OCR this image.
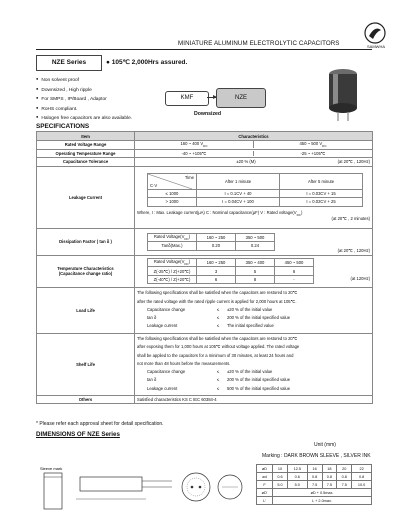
MINIATURE ALUMINUM ELECTROLYTIC CAPACITORS	SAMWHA
NZE Series	● 105℃ 2,000Hrs assured.
● Non solvent proof
● Downsized , High ripple
● For SMPS , IP/Board , Adaptor
● RoHS compliant.
● Halogen free capacitors are also available.
KMF	NZE
Downsized
SPECIFICATIONS
Item	Characteristics
Rated Voltage Range	160 ~ 400 $V_{DC}$	450 ~ 500 $V_{DC}$

Operating Temperature Range	-40 ~ +105℃	-25 ~ +105℃

Capacitance Tolerance	±20 % (M)	(at 20℃ , 120Hz)

Leakage Current	
Time
C·V
	After 1 minute	After 5 minute
≤ 1000	I = 0.1CV + 40	I = 0.03CV + 15
> 1000	I = 0.04CV + 100	I = 0.02CV + 25
Where, I : Max. Leakage current(μA) C : Nominal capacitance(μF) V : Rated $voltage(V_{DC})$
(at 20℃ , 2 minutes)

Dissipation Factor ( tan δ )	
Rated $Voltage(V_{DC})$	160 ~ 250	350 ~ 500
Tanδ(Max.)	0.20	0.24
(at 20℃ , 120Hz)

Temperature Characteristics
(Capacitance change ratio)

Rated $Voltage(V_{DC})$	160 ~ 250	350 ~ 400	450 ~ 500
Z(-25℃) / Z(+20℃)	3	5	6
Z(-40℃) / Z(+20℃)	6	8	-	(at 120Hz)

Load Life	
The following specifications shall be satisfied when the capacitors are restored to 20℃
after the rated voltage with the rated ripple current is applied for 2,000 hours at 105℃.
Capacitance change	≤	±20 % of the initial value
tan δ	≤	200 % of the initial specified value
Leakage current	≤	The initial specified value

Shelf Life	
The following specifications shall be satisfied when the capacitors are restored to 20℃
after exposing them for 1,000 hours at 105℃ without voltage applied. The rated voltage
shall be applied to the capacitors for a minimum of 30 minutes, at least 24 hours and
not more than 48 hours before the measurements.
Capacitance change	≤	±20 % of the initial value
tan δ	≤	200 % of the initial specified value
Leakage current	≤	500 % of the initial specified value

Others	Satisfied characteristics KS C IEC 60384-4
* Please refer each approval sheet for detail specification.
DIMENSIONS OF NZE Series
Unit (mm)
Marking : DARK BROWN SLEEVE , SILVER INK
Sleeve mark	øD	10	12.5	16	18	20	22
ød	0.6	0.6	0.8	0.8	0.8	0.8
F	5.0	5.0	7.5	7.5	7.5	10.0
øD'	øD + 0.5max.					
L'	L + 2.0max.					
